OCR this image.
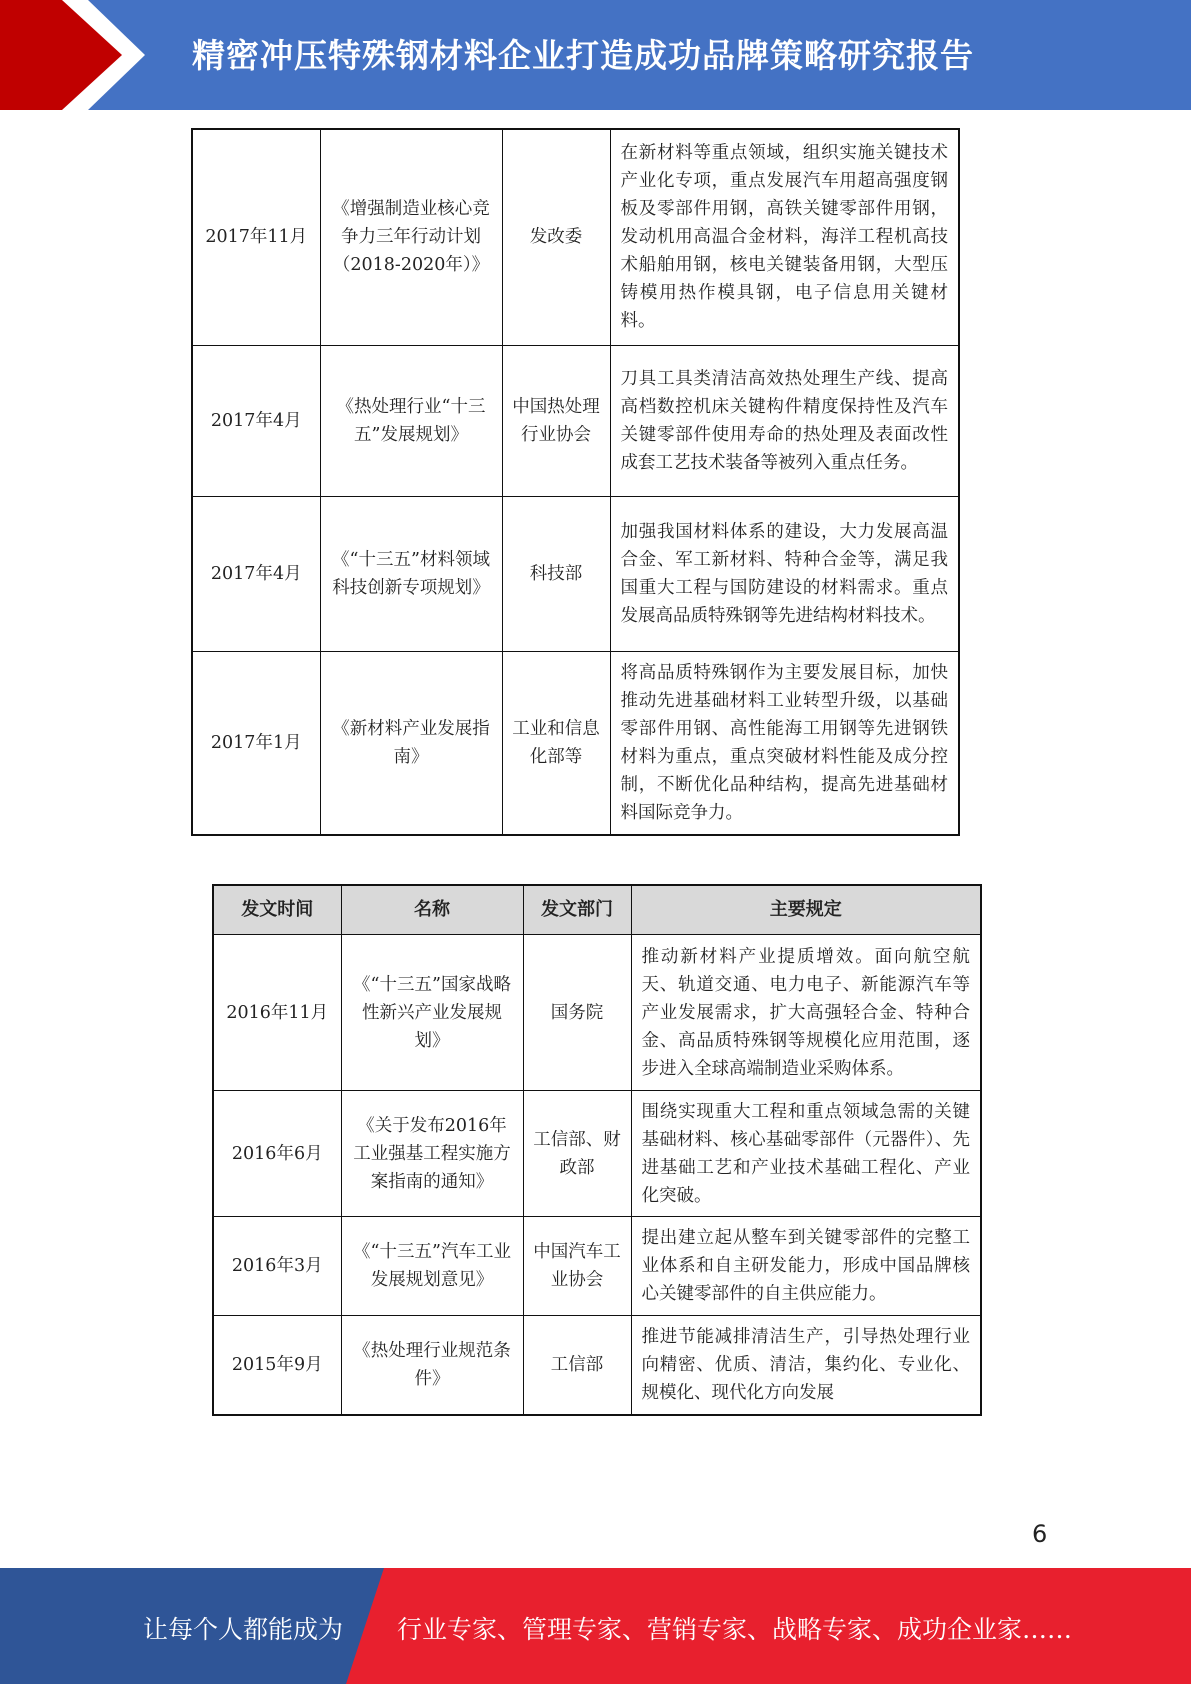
精密冲压特殊钢材料企业打造成功品牌策略研究报告
2017年11月	《增强制造业核心竞争力三年行动计划（2018-2020年）》	发改委	在新材料等重点领域，组织实施关键技术产业化专项，重点发展汽车用超高强度钢板及零部件用钢，高铁关键零部件用钢，发动机用高温合金材料，海洋工程机高技术船舶用钢，核电关键装备用钢，大型压铸模用热作模具钢，电子信息用关键材料。
2017年4月	《热处理行业“十三五”发展规划》	中国热处理行业协会	刀具工具类清洁高效热处理生产线、提高高档数控机床关键构件精度保持性及汽车关键零部件使用寿命的热处理及表面改性成套工艺技术装备等被列入重点任务。
2017年4月	《“十三五”材料领域科技创新专项规划》	科技部	加强我国材料体系的建设，大力发展高温合金、军工新材料、特种合金等，满足我国重大工程与国防建设的材料需求。重点发展高品质特殊钢等先进结构材料技术。
2017年1月	《新材料产业发展指南》	工业和信息化部等	将高品质特殊钢作为主要发展目标，加快推动先进基础材料工业转型升级，以基础零部件用钢、高性能海工用钢等先进钢铁材料为重点，重点突破材料性能及成分控制，不断优化品种结构，提高先进基础材料国际竞争力。
发文时间	名称	发文部门	主要规定
2016年11月	《“十三五”国家战略性新兴产业发展规划》	国务院	推动新材料产业提质增效。面向航空航天、轨道交通、电力电子、新能源汽车等产业发展需求，扩大高强轻合金、特种合金、高品质特殊钢等规模化应用范围，逐步进入全球高端制造业采购体系。
2016年6月	《关于发布2016年工业强基工程实施方案指南的通知》	工信部、财政部	围绕实现重大工程和重点领域急需的关键基础材料、核心基础零部件（元器件）、先进基础工艺和产业技术基础工程化、产业化突破。
2016年3月	《“十三五”汽车工业发展规划意见》	中国汽车工业协会	提出建立起从整车到关键零部件的完整工业体系和自主研发能力，形成中国品牌核心关键零部件的自主供应能力。
2015年9月	《热处理行业规范条件》	工信部	推进节能减排清洁生产，引导热处理行业向精密、优质、清洁，集约化、专业化、规模化、现代化方向发展
6
让每个人都能成为 行业专家、管理专家、营销专家、战略专家、成功企业家……
